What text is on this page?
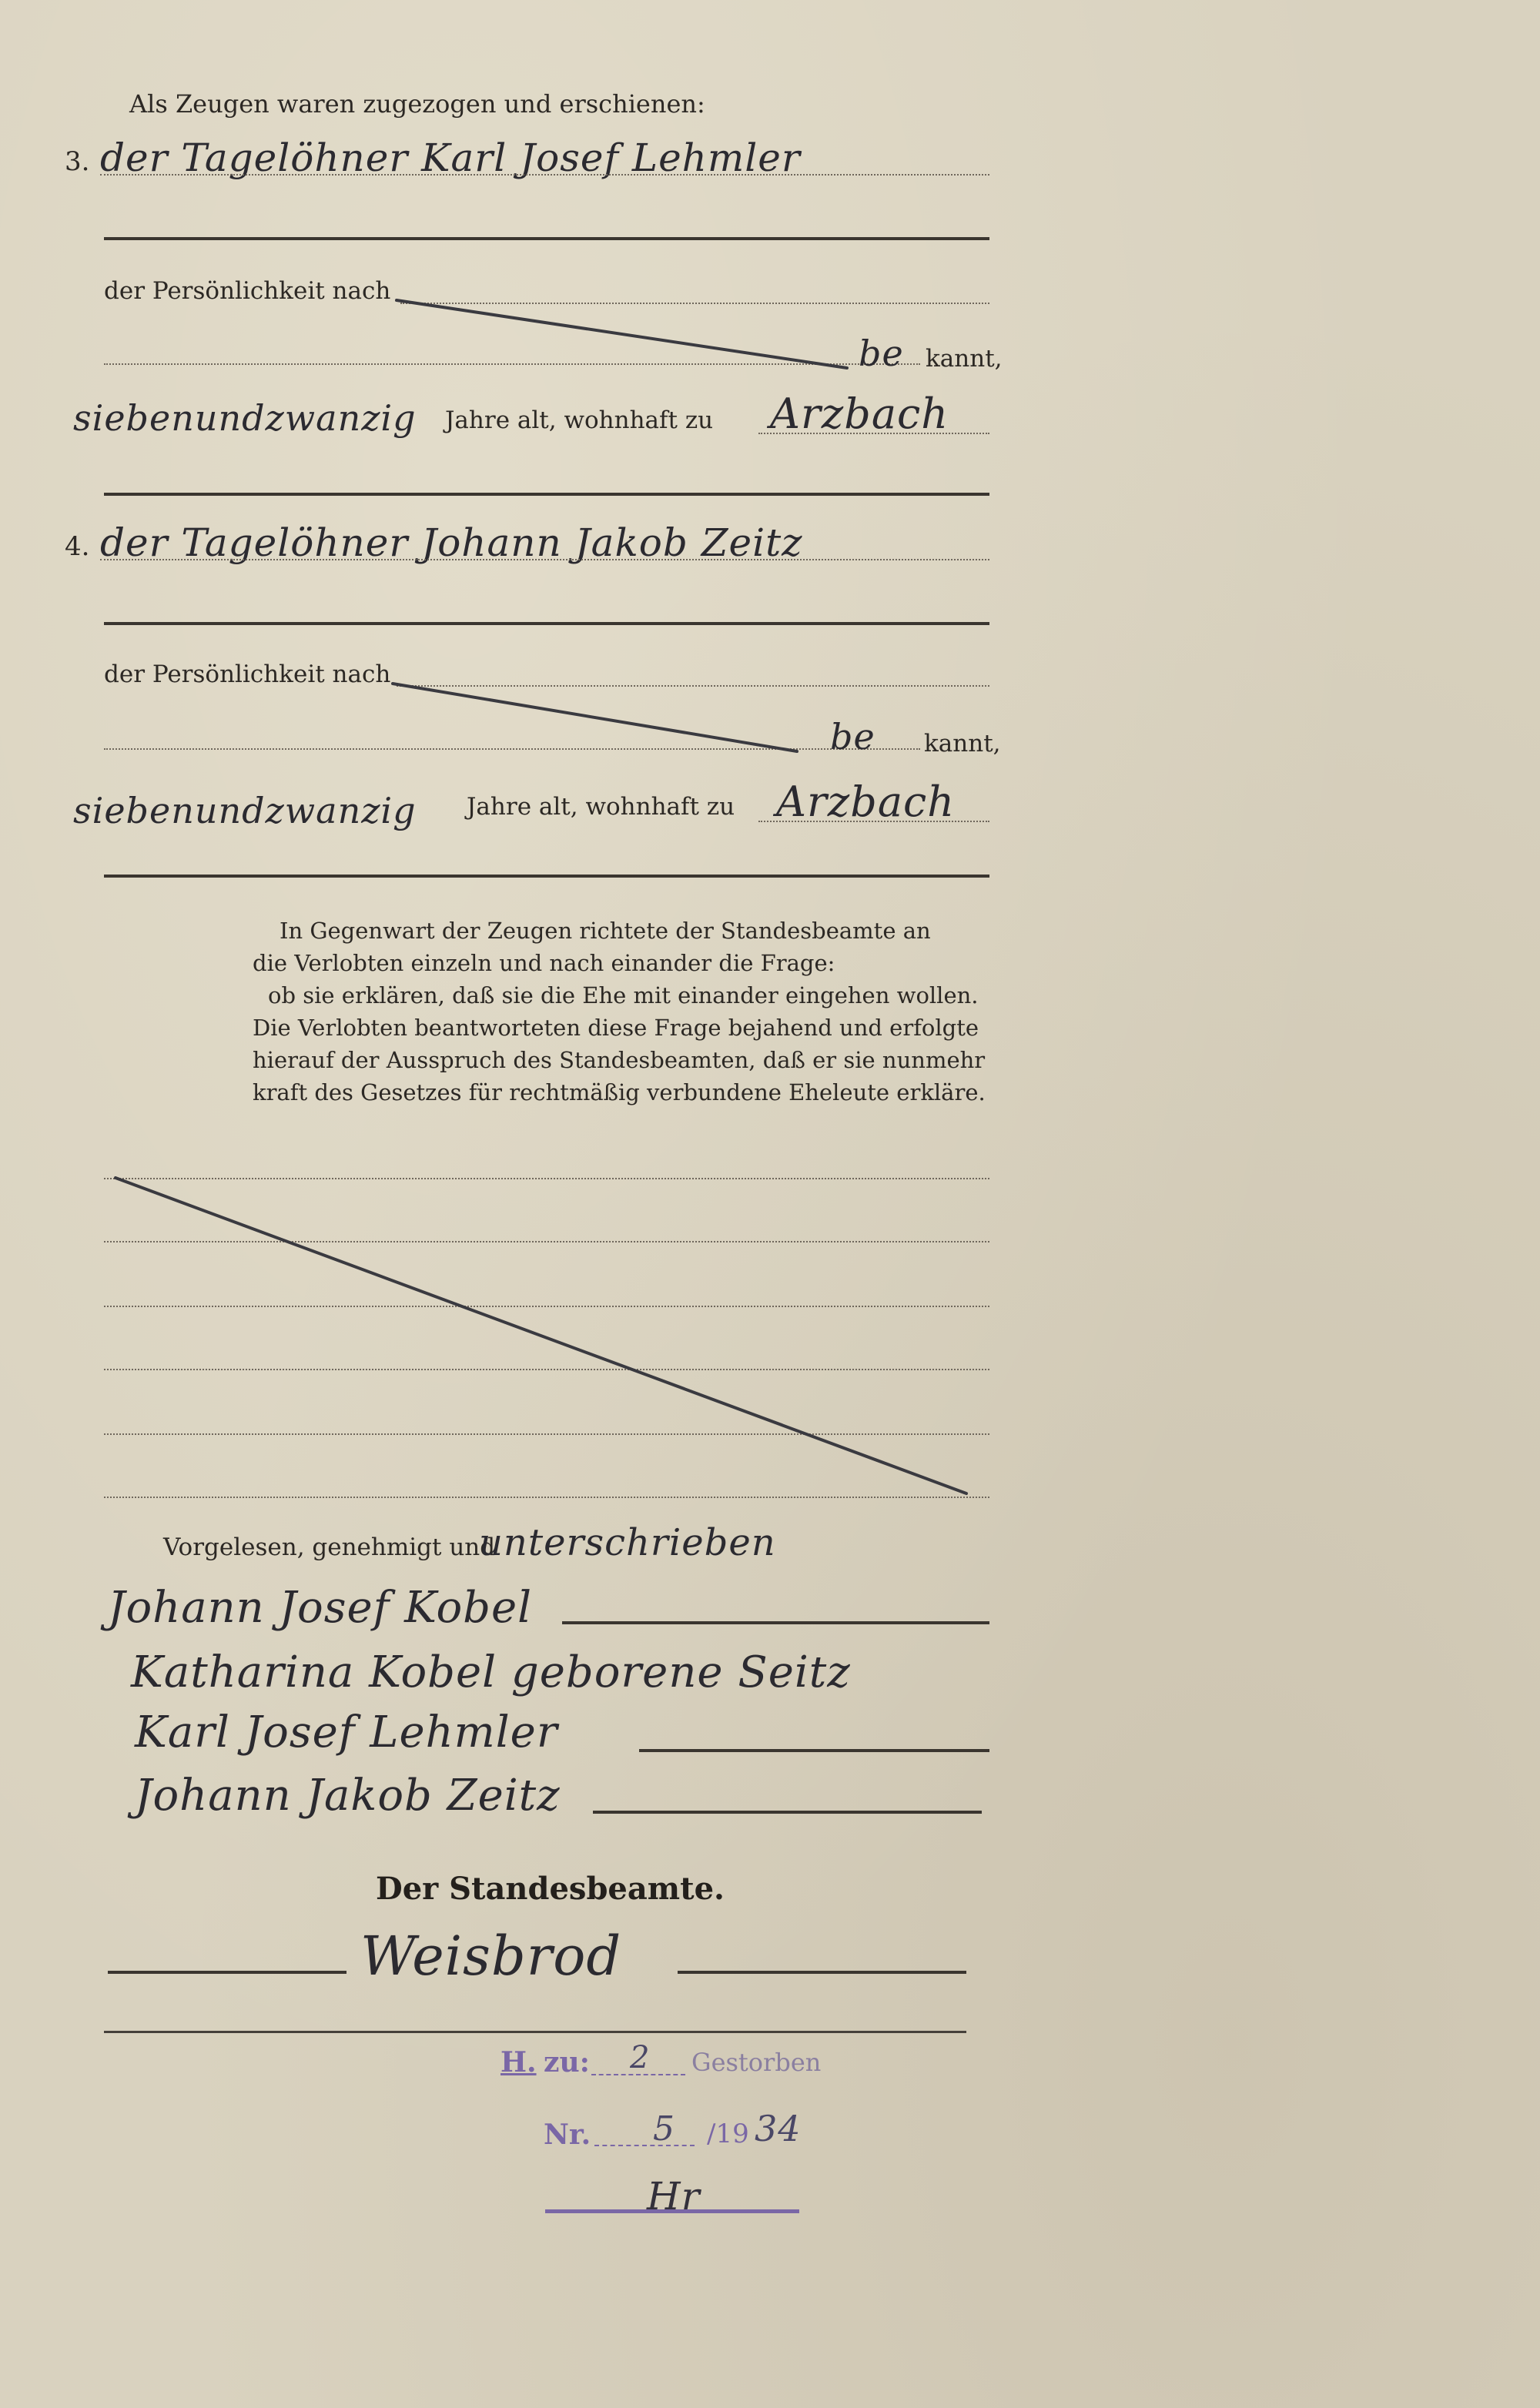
Als Zeugen waren zugezogen und erschienen:
3. der Tagelöhner Karl Josef Lehmler
der Persönlichkeit nach
be kannt,
siebenundzwanzig Jahre alt, wohnhaft zu Arzbach
4. der Tagelöhner Johann Jakob Zeitz
der Persönlichkeit nach
be kannt,
siebenundzwanzig Jahre alt, wohnhaft zu Arzbach
In Gegenwart der Zeugen richtete der Standesbeamte an
die Verlobten einzeln und nach einander die Frage:
ob sie erklären, daß sie die Ehe mit einander eingehen wollen.
Die Verlobten beantworteten diese Frage bejahend und erfolgte
hierauf der Ausspruch des Standesbeamten, daß er sie nunmehr
kraft des Gesetzes für rechtmäßig verbundene Eheleute erkläre.
Vorgelesen, genehmigt und
unterschrieben
Johann Josef Kobel
Katharina Kobel geborene Seitz
Karl Josef Lehmler
Johann Jakob Zeitz
Der Standesbeamte.
Weisbrod
H. zu: 2 Gestorben
Nr. 5 /19 34
Hr
